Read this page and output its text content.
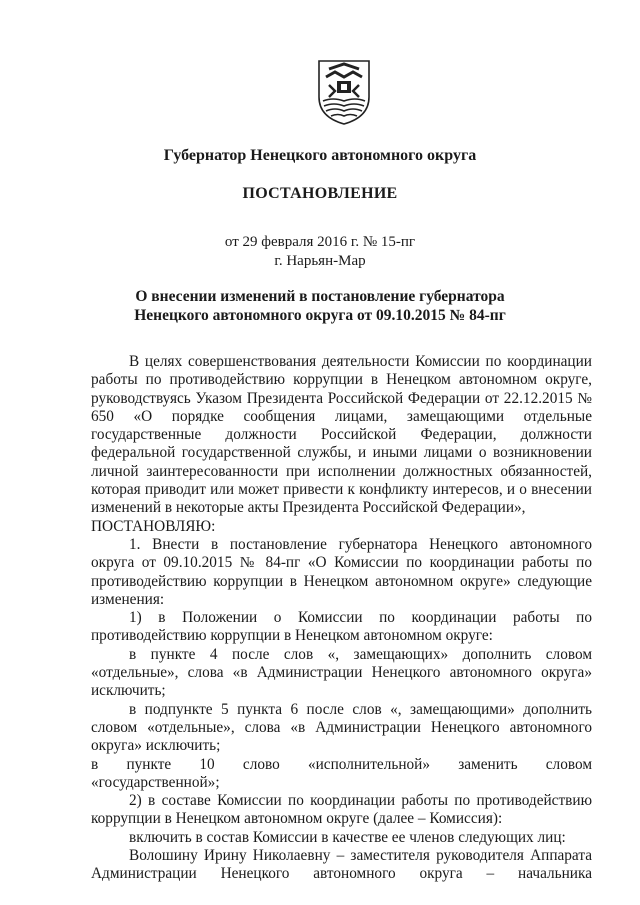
Губернатор Ненецкого автономного округа
ПОСТАНОВЛЕНИЕ
от 29 февраля 2016 г. № 15-пг
г. Нарьян-Мар
О внесении изменений в постановление губернатора
Ненецкого автономного округа от 09.10.2015 № 84-пг

В целях совершенствования деятельности Комиссии по координации работы по противодействию коррупции в Ненецком автономном округе, руководствуясь Указом Президента Российской Федерации от 22.12.2015 № 650 «О порядке сообщения лицами, замещающими отдельные государственные должности Российской Федерации, должности федеральной государственной службы, и иными лицами о возникновении личной заинтересованности при исполнении должностных обязанностей, которая приводит или может привести к конфликту интересов, и о внесении изменений в некоторые акты Президента Российской Федерации»,

ПОСТАНОВЛЯЮ:

1. Внести в постановление губернатора Ненецкого автономного округа от 09.10.2015 № 84-пг «О Комиссии по координации работы по противодействию коррупции в Ненецком автономном округе» следующие изменения:

1) в Положении о Комиссии по координации работы по противодействию коррупции в Ненецком автономном округе:

в пункте 4 после слов «, замещающих» дополнить словом «отдельные», слова «в Администрации Ненецкого автономного округа» исключить;

в подпункте 5 пункта 6 после слов «, замещающими» дополнить словом «отдельные», слова «в Администрации Ненецкого автономного округа» исключить;

в пункте 10 слово «исполнительной» заменить словом

«государственной»;

2) в составе Комиссии по координации работы по противодействию коррупции в Ненецком автономном округе (далее – Комиссия):

включить в состав Комиссии в качестве ее членов следующих лиц:

Волошину Ирину Николаевну – заместителя руководителя Аппарата

Администрации Ненецкого автономного округа – начальника
